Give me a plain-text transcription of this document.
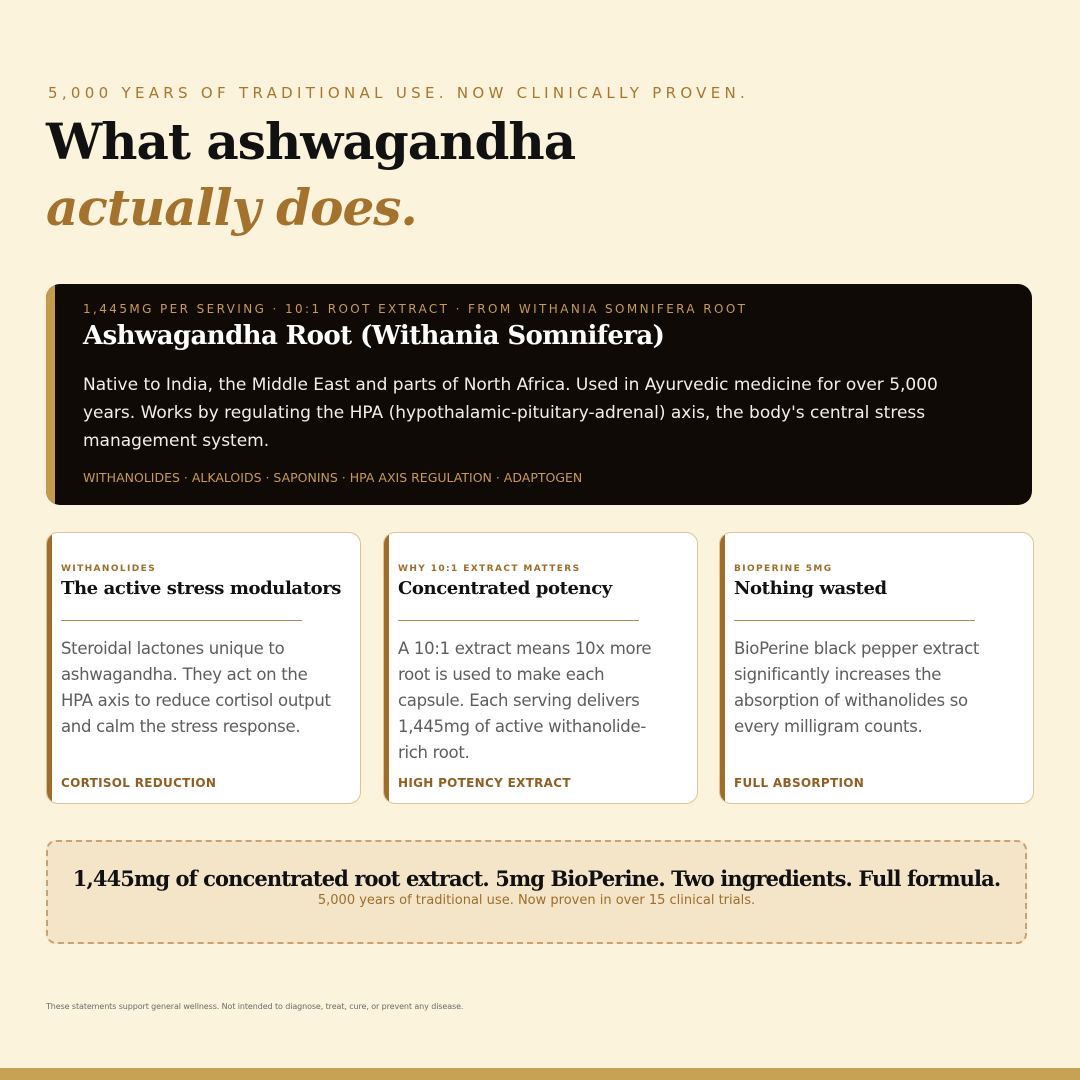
5,000 YEARS OF TRADITIONAL USE. NOW CLINICALLY PROVEN.
What ashwagandha
actually does.
1,445MG PER SERVING · 10:1 ROOT EXTRACT · FROM WITHANIA SOMNIFERA ROOT
Ashwagandha Root (Withania Somnifera)

Native to India, the Middle East and parts of North Africa. Used in Ayurvedic medicine for over 5,000 years. Works by regulating the HPA (hypothalamic-pituitary-adrenal) axis, the body's central stress management system.

WITHANOLIDES · ALKALOIDS · SAPONINS · HPA AXIS REGULATION · ADAPTOGEN
WITHANOLIDES
The active stress modulators

Steroidal lactones unique to ashwagandha. They act on the HPA axis to reduce cortisol output and calm the stress response.

CORTISOL REDUCTION
WHY 10:1 EXTRACT MATTERS
Concentrated potency

A 10:1 extract means 10x more root is used to make each capsule. Each serving delivers 1,445mg of active withanolide-rich root.

HIGH POTENCY EXTRACT
BIOPERINE 5MG
Nothing wasted

BioPerine black pepper extract significantly increases the absorption of withanolides so every milligram counts.

FULL ABSORPTION
1,445mg of concentrated root extract. 5mg BioPerine. Two ingredients. Full formula.
5,000 years of traditional use. Now proven in over 15 clinical trials.
These statements support general wellness. Not intended to diagnose, treat, cure, or prevent any disease.
